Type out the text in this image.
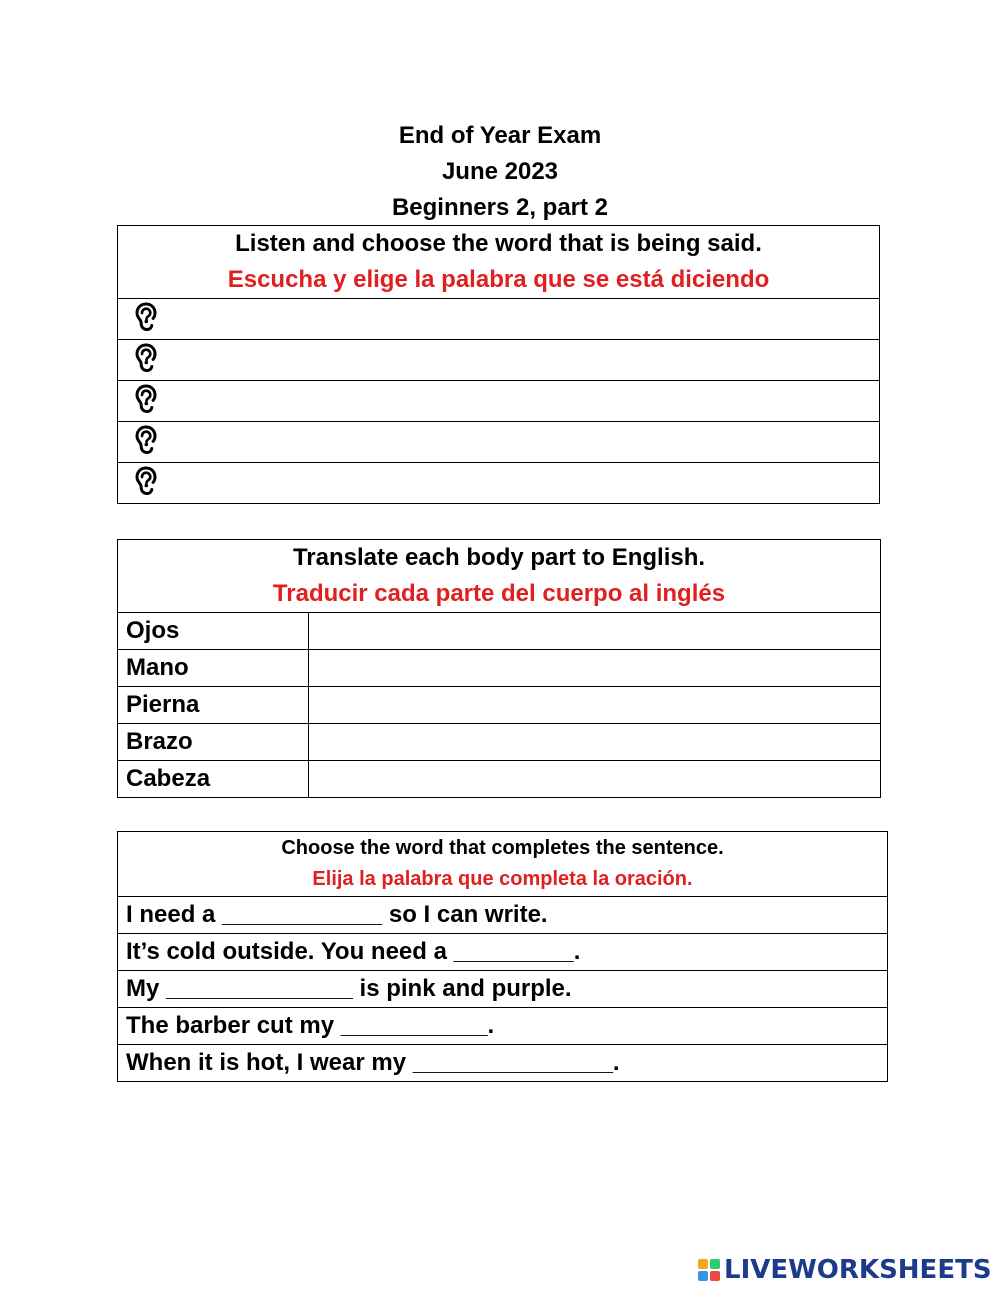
End of Year Exam
June 2023
Beginners 2, part 2
Listen and choose the word that is being said.
Escucha y elige la palabra que se está diciendo

Translate each body part to English.
Traducir cada parte del cuerpo al inglés	

Ojos	
Mano	
Pierna	
Brazo	
Cabeza	
Choose the word that completes the sentence.
Elija la palabra que completa la oración.

I need a ____________ so I can write.
It’s cold outside. You need a _________.
My ______________ is pink and purple.
The barber cut my ___________.
When it is hot, I wear my _______________.
LIVEWORKSHEETS
